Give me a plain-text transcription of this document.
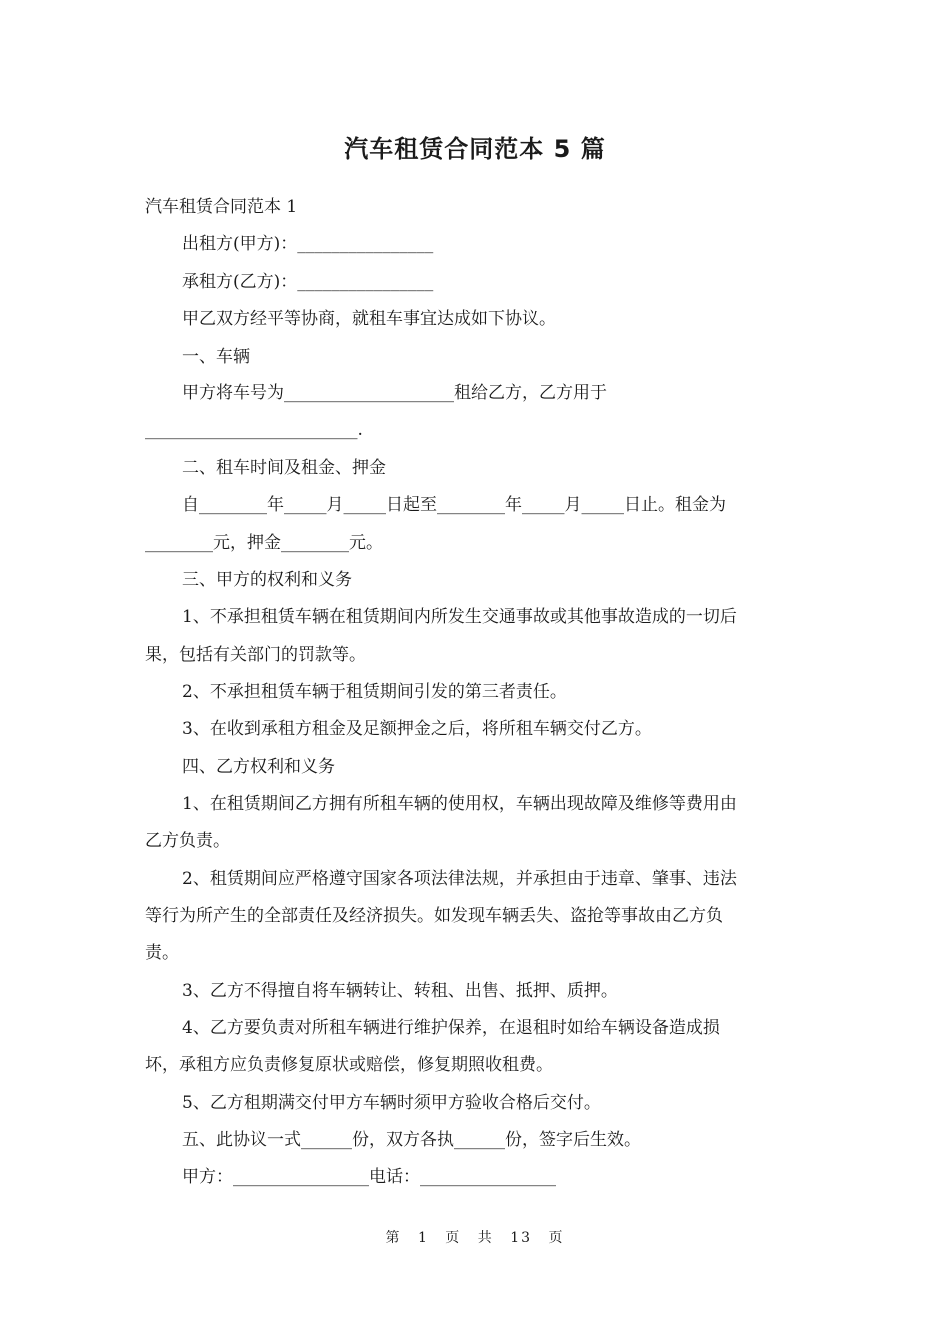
汽车租赁合同范本 5 篇

汽车租赁合同范本 1

出租方(甲方)：________________

承租方(乙方)：________________

甲乙双方经平等协商，就租车事宜达成如下协议。

一、车辆

甲方将车号为____________________租给乙方，乙方用于

_________________________.

二、租车时间及租金、押金

自________年_____月_____日起至________年_____月_____日止。租金为

________元，押金________元。

三、甲方的权利和义务

1、不承担租赁车辆在租赁期间内所发生交通事故或其他事故造成的一切后

果，包括有关部门的罚款等。

2、不承担租赁车辆于租赁期间引发的第三者责任。

3、在收到承租方租金及足额押金之后，将所租车辆交付乙方。

四、乙方权利和义务

1、在租赁期间乙方拥有所租车辆的使用权，车辆出现故障及维修等费用由

乙方负责。

2、租赁期间应严格遵守国家各项法律法规，并承担由于违章、肇事、违法

等行为所产生的全部责任及经济损失。如发现车辆丢失、盗抢等事故由乙方负

责。

3、乙方不得擅自将车辆转让、转租、出售、抵押、质押。

4、乙方要负责对所租车辆进行维护保养，在退租时如给车辆设备造成损

坏，承租方应负责修复原状或赔偿，修复期照收租费。

5、乙方租期满交付甲方车辆时须甲方验收合格后交付。

五、此协议一式______份，双方各执______份，签字后生效。

甲方：________________电话：________________

第 1 页 共 13 页
